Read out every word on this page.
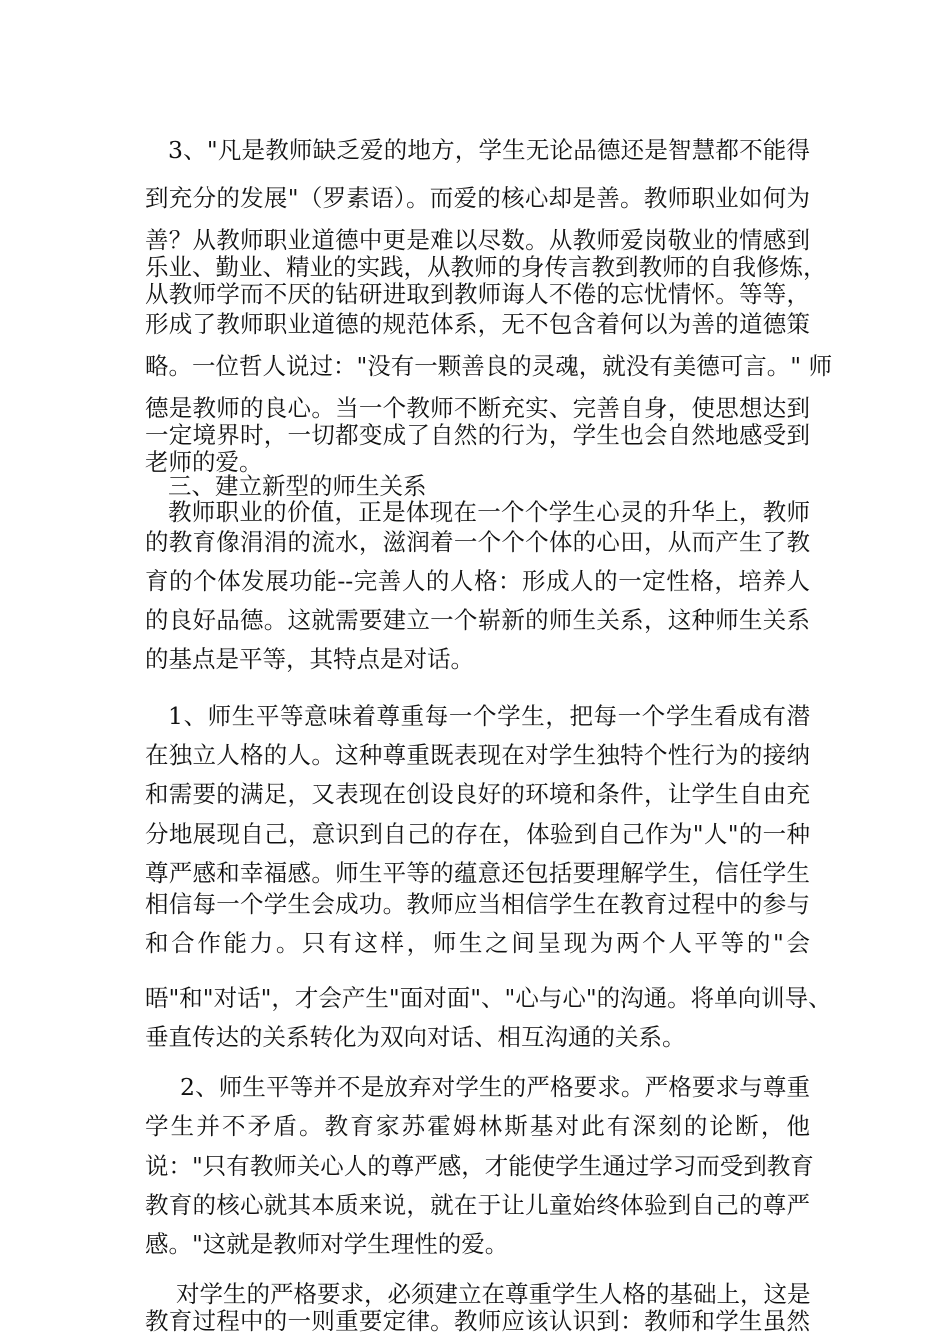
3、"凡是教师缺乏爱的地方，学生无论品德还是智慧都不能得
到充分的发展"（罗素语）。而爱的核心却是善。教师职业如何为
善？从教师职业道德中更是难以尽数。从教师爱岗敬业的情感到
乐业、勤业、精业的实践，从教师的身传言教到教师的自我修炼，
从教师学而不厌的钻研进取到教师诲人不倦的忘忧情怀。等等，
形成了教师职业道德的规范体系，无不包含着何以为善的道德策
略。一位哲人说过："没有一颗善良的灵魂，就没有美德可言。" 师
德是教师的良心。当一个教师不断充实、完善自身，使思想达到
一定境界时，一切都变成了自然的行为，学生也会自然地感受到
老师的爱。
三、建立新型的师生关系
教师职业的价值，正是体现在一个个学生心灵的升华上，教师
的教育像涓涓的流水，滋润着一个个个体的心田，从而产生了教
育的个体发展功能--完善人的人格：形成人的一定性格，培养人
的良好品德。这就需要建立一个崭新的师生关系，这种师生关系
的基点是平等，其特点是对话。
1、师生平等意味着尊重每一个学生，把每一个学生看成有潜
在独立人格的人。这种尊重既表现在对学生独特个性行为的接纳
和需要的满足，又表现在创设良好的环境和条件，让学生自由充
分地展现自己，意识到自己的存在，体验到自己作为"人"的一种
尊严感和幸福感。师生平等的蕴意还包括要理解学生，信任学生
相信每一个学生会成功。教师应当相信学生在教育过程中的参与
和合作能力。只有这样，师生之间呈现为两个人平等的"会
晤"和"对话"，才会产生"面对面"、"心与心"的沟通。将单向训导、
垂直传达的关系转化为双向对话、相互沟通的关系。
2、师生平等并不是放弃对学生的严格要求。严格要求与尊重
学生并不矛盾。教育家苏霍姆林斯基对此有深刻的论断，他
说："只有教师关心人的尊严感，才能使学生通过学习而受到教育
教育的核心就其本质来说，就在于让儿童始终体验到自己的尊严
感。"这就是教师对学生理性的爱。
对学生的严格要求，必须建立在尊重学生人格的基础上，这是
教育过程中的一则重要定律。教师应该认识到：教师和学生虽然
